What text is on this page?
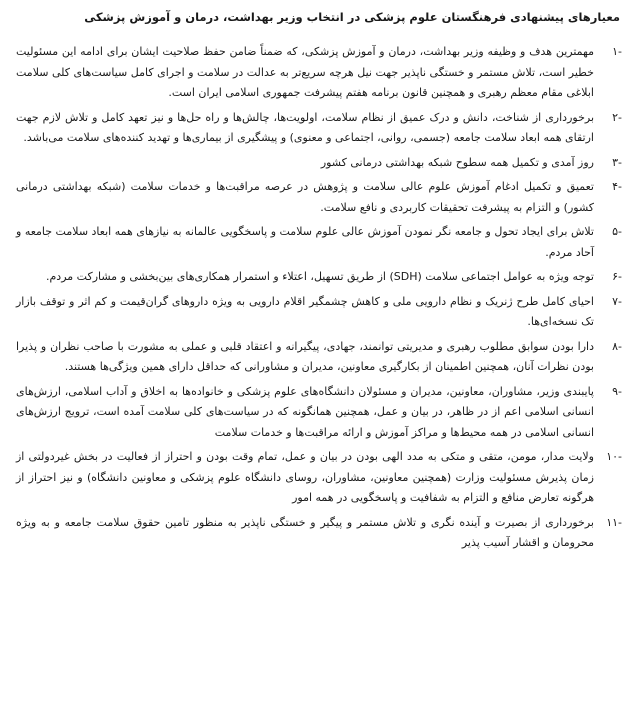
معیارهای پیشنهادی فرهنگستان علوم پزشکی در انتخاب وزیر بهداشت، درمان و آموزش پزشکی
-۱
مهمترین هدف و وظیفه وزیر بهداشت، درمان و آموزش پزشکی، که ضمناً ضامن حفظ صلاحیت ایشان برای ادامه این مسئولیت خطیر است، تلاش مستمر و خستگی ناپذیر جهت نیل هرچه سریع‌تر به عدالت در سلامت و اجرای کامل سیاست‌های کلی سلامت ابلاغی مقام معظم رهبری و همچنین قانون برنامه هفتم پیشرفت جمهوری اسلامی ایران است.
-۲
برخورداری از شناخت، دانش و درک عمیق از نظام سلامت، اولویت‌ها، چالش‌ها و راه حل‌ها و نیز تعهد کامل و تلاش لازم جهت ارتقای همه ابعاد سلامت جامعه (جسمی، روانی، اجتماعی و معنوی) و پیشگیری از بیماری‌ها و تهدید کننده‌های سلامت می‌باشد.
-۳
روز آمدی و تکمیل همه سطوح شبکه بهداشتی درمانی کشور
-۴
تعمیق و تکمیل ادغام آموزش علوم عالی سلامت و پژوهش در عرصه مراقبت‌ها و خدمات سلامت (شبکه بهداشتی درمانی کشور) و التزام به پیشرفت تحقیقات کاربردی و نافع سلامت.
-۵
تلاش برای ایجاد تحول و جامعه نگر نمودن آموزش عالی علوم سلامت و پاسخگویی عالمانه به نیازهای همه ابعاد سلامت جامعه و آحاد مردم.
-۶
توجه ویژه به عوامل اجتماعی سلامت (SDH) از طریق تسهیل، اعتلاء و استمرار همکاری‌های بین‌بخشی و مشارکت مردم.
-۷
احیای کامل طرح ژنریک و نظام دارویی ملی و کاهش چشمگیر اقلام دارویی به ویژه داروهای گران‌قیمت و کم اثر و توقف بازار تک نسخه‌ای‌ها.
-۸
دارا بودن سوابق مطلوب رهبری و مدیریتی توانمند، جهادی، پیگیرانه و اعتقاد قلبی و عملی به مشورت با صاحب نظران و پذیرا بودن نظرات آنان، همچنین اطمینان از بکارگیری معاونین، مدیران و مشاورانی که حداقل دارای همین ویژگی‌ها هستند.
-۹
پایبندی وزیر، مشاوران، معاونین، مدیران و مسئولان دانشگاه‌های علوم پزشکی و خانواده‌ها به اخلاق و آداب اسلامی، ارزش‌های انسانی اسلامی اعم از در ظاهر، در بیان و عمل، همچنین همانگونه که در سیاست‌های کلی سلامت آمده است، ترویج ارزش‌های انسانی اسلامی در همه محیط‌ها و مراکز آموزش و ارائه مراقبت‌ها و خدمات سلامت
-۱۰
ولایت مدار، مومن، متقی و متکی به مدد الهی بودن در بیان و عمل، تمام وقت بودن و احتراز از فعالیت در بخش غیردولتی از زمان پذیرش مسئولیت وزارت (همچنین معاونین، مشاوران، روسای دانشگاه علوم پزشکی و معاونین دانشگاه) و نیز احتراز از هرگونه تعارض منافع و التزام به شفافیت و پاسخگویی در همه امور
-۱۱
برخورداری از بصیرت و آینده نگری و تلاش مستمر و پیگیر و خستگی ناپذیر به منظور تامین حقوق سلامت جامعه و به ویژه محرومان و اقشار آسیب پذیر
